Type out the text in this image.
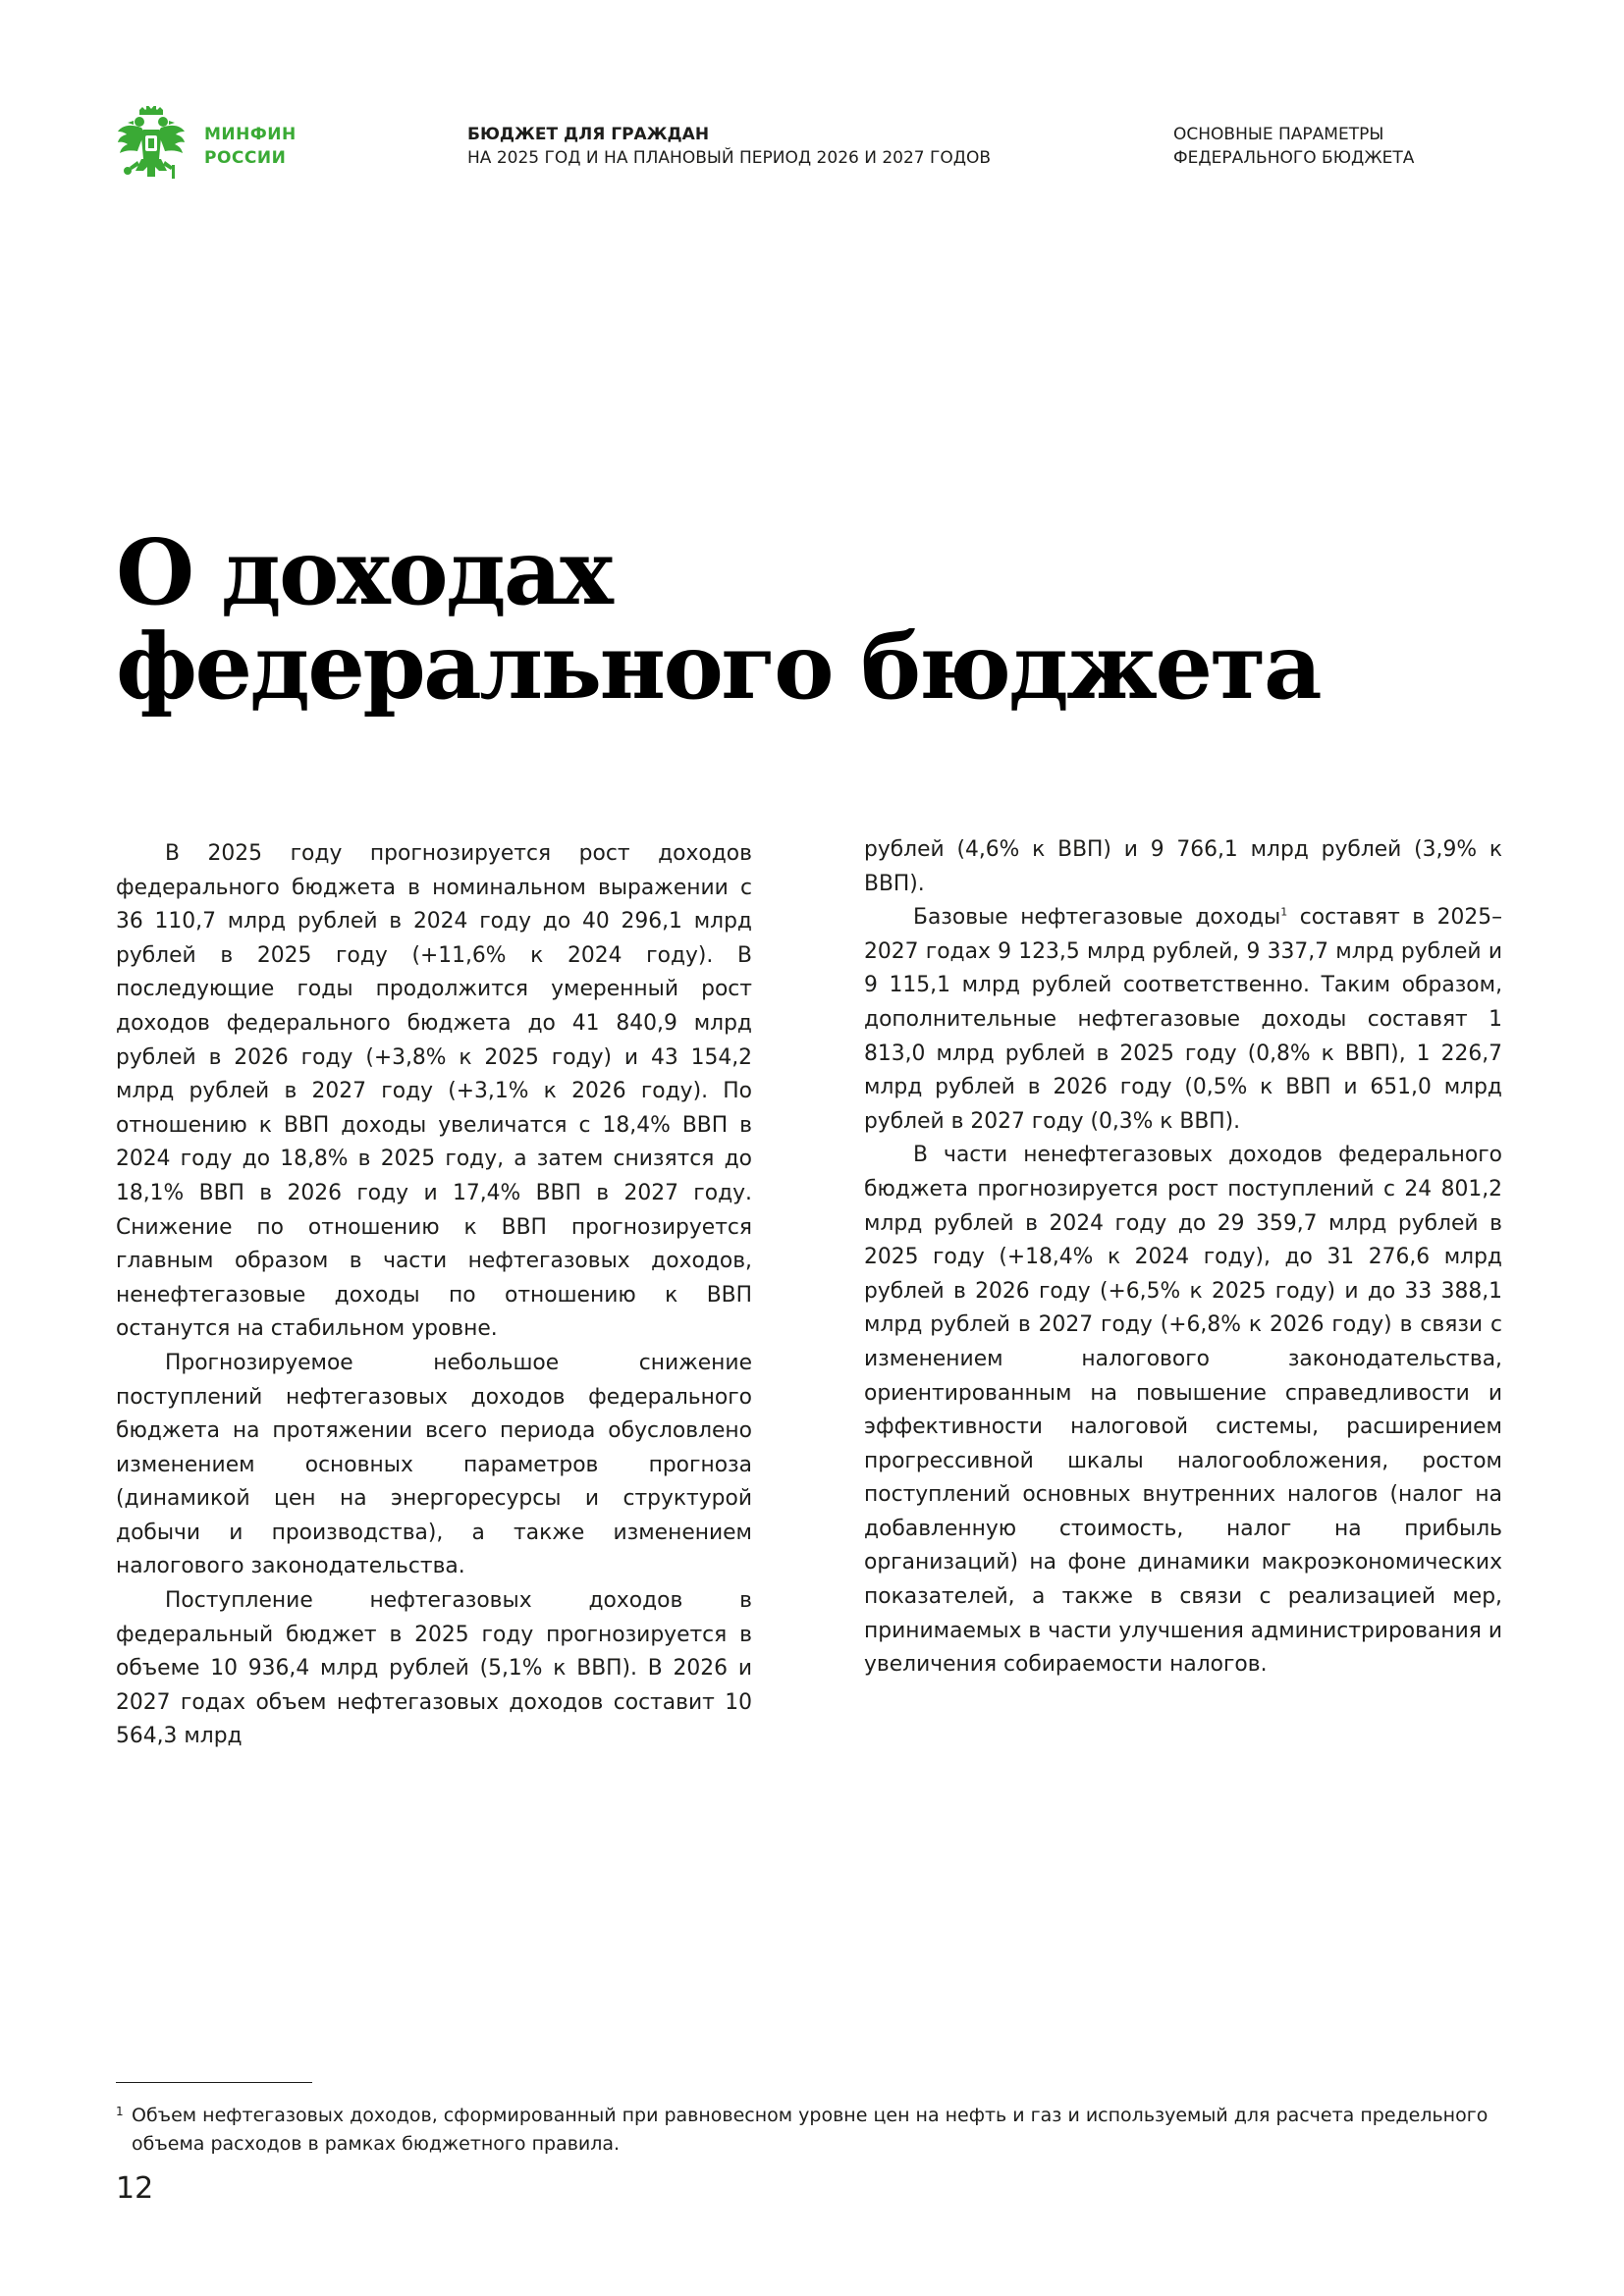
МИНФИН
РОССИИ
БЮДЖЕТ ДЛЯ ГРАЖДАН
НА 2025 ГОД И НА ПЛАНОВЫЙ ПЕРИОД 2026 И 2027 ГОДОВ
ОСНОВНЫЕ ПАРАМЕТРЫ
ФЕДЕРАЛЬНОГО БЮДЖЕТА
О доходах
федерального бюджета

В 2025 году прогнозируется рост доходов федерального бюджета в номинальном выражении с 36 110,7 млрд рублей в 2024 году до 40 296,1 млрд рублей в 2025 году (+11,6% к 2024 году). В последующие годы продолжится умеренный рост доходов федерального бюджета до 41 840,9 млрд рублей в 2026 году (+3,8% к 2025 году) и 43 154,2 млрд рублей в 2027 году (+3,1% к 2026 году). По отношению к ВВП доходы увеличатся с 18,4% ВВП в 2024 году до 18,8% в 2025 году, а затем снизятся до 18,1% ВВП в 2026 году и 17,4% ВВП в 2027 году. Снижение по отношению к ВВП прогнозируется главным образом в части нефтегазовых доходов, ненефтегазовые доходы по отношению к ВВП останутся на стабильном уровне.

Прогнозируемое небольшое снижение поступлений нефтегазовых доходов федерального бюджета на протяжении всего периода обусловлено изменением основных параметров прогноза (динамикой цен на энергоресурсы и структурой добычи и производства), а также изменением налогового законодательства.

Поступление нефтегазовых доходов в федеральный бюджет в 2025 году прогнозируется в объеме 10 936,4 млрд рублей (5,1% к ВВП). В 2026 и 2027 годах объем нефтегазовых доходов составит 10 564,3 млрд

рублей (4,6% к ВВП) и 9 766,1 млрд рублей (3,9% к ВВП).

Базовые нефтегазовые доходы$^1$ составят в 2025–2027 годах 9 123,5 млрд рублей, 9 337,7 млрд рублей и 9 115,1 млрд рублей соответственно. Таким образом, дополнительные нефтегазовые доходы составят 1 813,0 млрд рублей в 2025 году (0,8% к ВВП), 1 226,7 млрд рублей в 2026 году (0,5% к ВВП и 651,0 млрд рублей в 2027 году (0,3% к ВВП).

В части ненефтегазовых доходов федерального бюджета прогнозируется рост поступлений с 24 801,2 млрд рублей в 2024 году до 29 359,7 млрд рублей в 2025 году (+18,4% к 2024 году), до 31 276,6 млрд рублей в 2026 году (+6,5% к 2025 году) и до 33 388,1 млрд рублей в 2027 году (+6,8% к 2026 году) в связи с изменением налогового законодательства, ориентированным на повышение справедливости и эффективности налоговой системы, расширением прогрессивной шкалы налогообложения, ростом поступлений основных внутренних налогов (налог на добавленную стоимость, налог на прибыль организаций) на фоне динамики макроэкономических показателей, а также в связи с реализацией мер, принимаемых в части улучшения администрирования и увеличения собираемости налогов.

1 Объем нефтегазовых доходов, сформированный при равновесном уровне цен на нефть и газ и используемый для расчета предельного объема расходов в рамках бюджетного правила.
12
